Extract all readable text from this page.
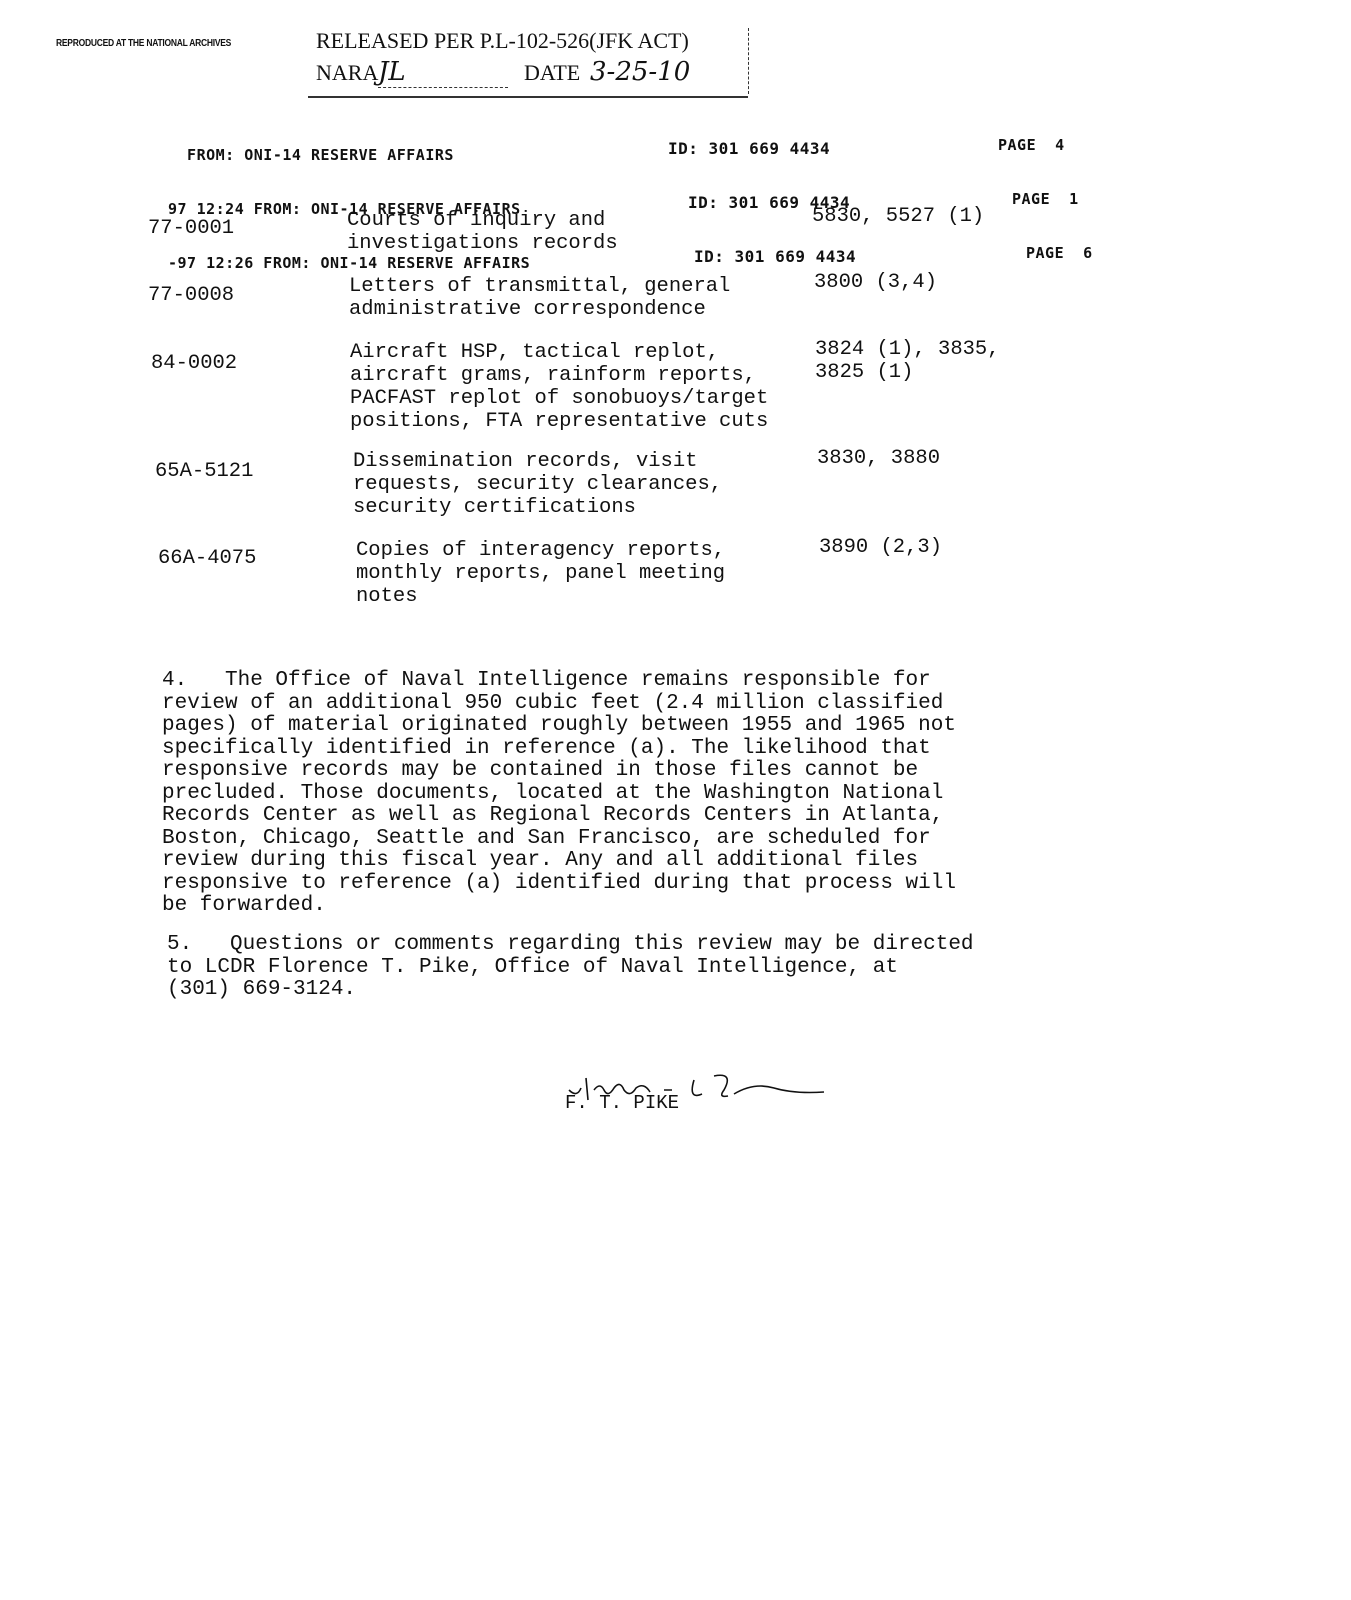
REPRODUCED AT THE NATIONAL ARCHIVES

	RELEASED PER P.L-102-526(JFK ACT)

NARA

JL

	DATE

3-25-10

FROM: ONI-14 RESERVE AFFAIRS

97 12:24 FROM: ONI-14 RESERVE AFFAIRS

-97 12:26 FROM: ONI-14 RESERVE AFFAIRS

ID: 301 669 4434

ID: 301 669 4434

ID: 301 669 4434

PAGE  4

PAGE  1

PAGE  6

77-0001	Courts of inquiry and
investigations records
5830, 5527 (1)
77-0008	Letters of transmittal, general
administrative correspondence
3800 (3,4)
84-0002	Aircraft HSP, tactical replot,
aircraft grams, rainform reports,
PACFAST replot of sonobuoys/target
positions, FTA representative cuts
3824 (1), 3835,
3825 (1)
65A-5121	Dissemination records, visit
requests, security clearances,
security certifications
3830, 3880
66A-4075	Copies of interagency reports,
monthly reports, panel meeting
notes
3890 (2,3)
4.   The Office of Naval Intelligence remains responsible for
review of an additional 950 cubic feet (2.4 million classified
pages) of material originated roughly between 1955 and 1965 not
specifically identified in reference (a). The likelihood that
responsive records may be contained in those files cannot be
precluded. Those documents, located at the Washington National
Records Center as well as Regional Records Centers in Atlanta,
Boston, Chicago, Seattle and San Francisco, are scheduled for
review during this fiscal year. Any and all additional files
responsive to reference (a) identified during that process will
be forwarded.
5.   Questions or comments regarding this review may be directed
to LCDR Florence T. Pike, Office of Naval Intelligence, at
(301) 669-3124.

F. T. PIKE
